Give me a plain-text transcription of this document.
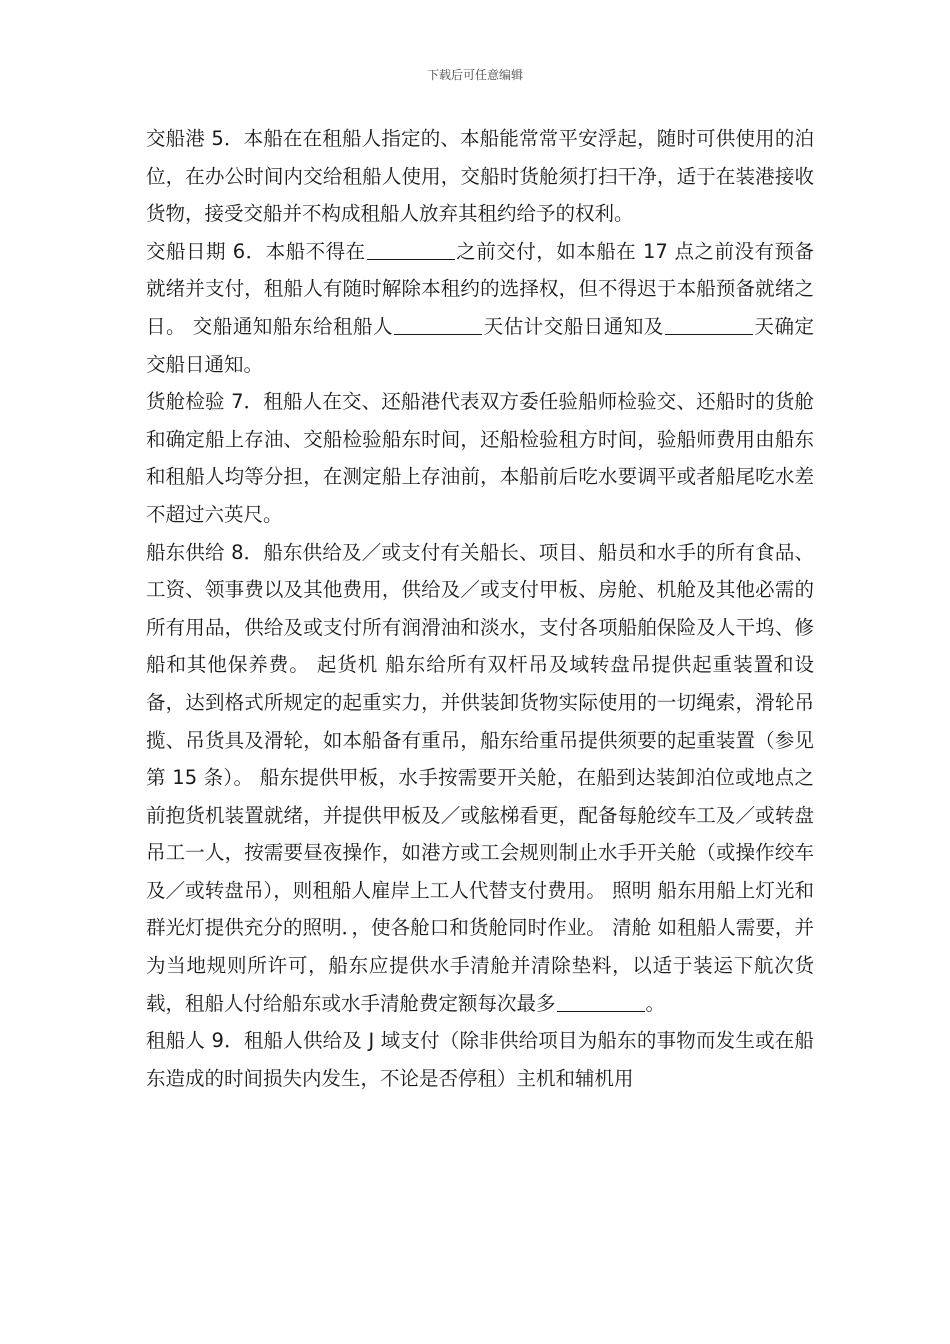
下载后可任意编辑

交船港 5．本船在在租船人指定的、本船能常常平安浮起，随时可供使用的泊位，在办公时间内交给租船人使用，交船时货舱须打扫干净，适于在装港接收货物，接受交船并不构成租船人放弃其租约给予的权利。

交船日期 6．本船不得在	之前交付，如本船在 17 点之前没有预备就绪并支付，租船人有随时解除本租约的选择权，但不得迟于本船预备就绪之日。 交船通知船东给租船人	天估计交船日通知及	天确定交船日通知。

货舱检验 7．租船人在交、还船港代表双方委任验船师检验交、还船时的货舱和确定船上存油、交船检验船东时间，还船检验租方时间，验船师费用由船东和租船人均等分担，在测定船上存油前，本船前后吃水要调平或者船尾吃水差不超过六英尺。

船东供给 8．船东供给及／或支付有关船长、项目、船员和水手的所有食品、工资、领事费以及其他费用，供给及／或支付甲板、房舱、机舱及其他必需的所有用品，供给及或支付所有润滑油和淡水，支付各项船舶保险及人干坞、修船和其他保养费。 起货机 船东给所有双杆吊及域转盘吊提供起重装置和设备，达到格式所规定的起重实力，并供装卸货物实际使用的一切绳索，滑轮吊揽、吊货具及滑轮，如本船备有重吊，船东给重吊提供须要的起重装置（参见第 15 条）。 船东提供甲板，水手按需要开关舱，在船到达装卸泊位或地点之前抱货机装置就绪，并提供甲板及／或舷梯看更，配备每舱绞车工及／或转盘吊工一人，按需要昼夜操作，如港方或工会规则制止水手开关舱（或操作绞车及／或转盘吊），则租船人雇岸上工人代替支付费用。 照明 船东用船上灯光和群光灯提供充分的照明．，使各舱口和货舱同时作业。 清舱 如租船人需要，并为当地规则所许可，船东应提供水手清舱并清除垫料，以适于装运下航次货载，租船人付给船东或水手清舱费定额每次最多	。

租船人 9．租船人供给及 J 域支付（除非供给项目为船东的事物而发生或在船东造成的时间损失内发生，不论是否停租）主机和辅机用
